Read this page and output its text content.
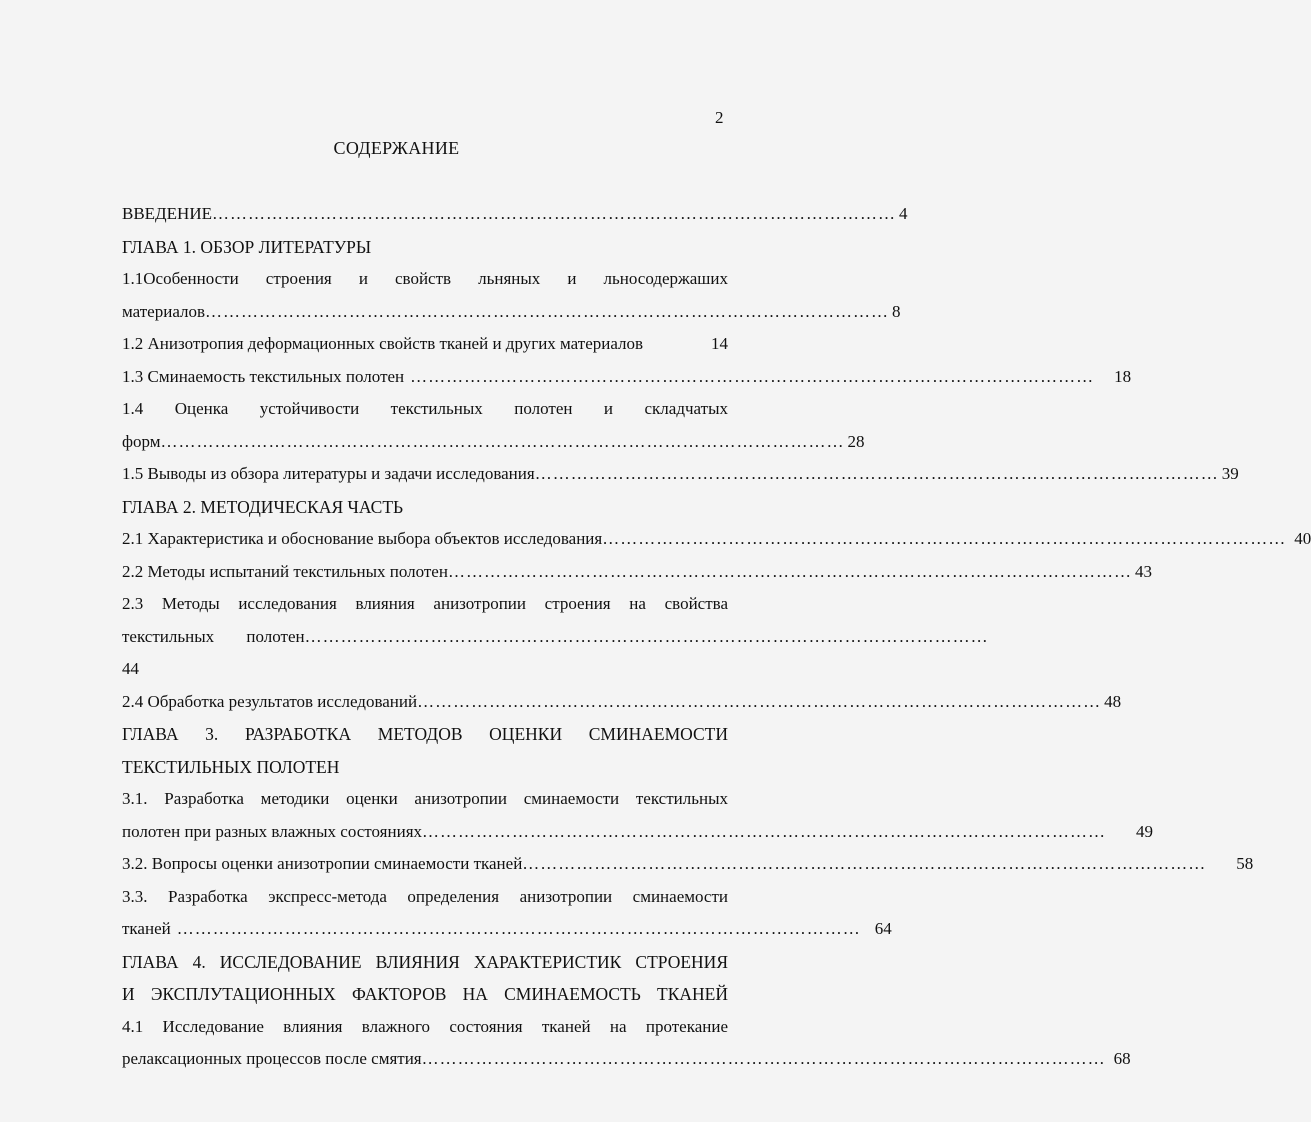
2
СОДЕРЖАНИЕ
ВВЕДЕНИЕ …………………………………………………………………………………………………… 4
ГЛАВА 1. ОБЗОР ЛИТЕРАТУРЫ
1.1Особенности строения и свойств льняных и льносодержаших
материалов …………………………………………………………………………………………………… 8
1.2 Анизотропия деформационных свойств тканей и других материалов	14
1.3 Сминаемость текстильных полотен ……………………………………………………………………………………………………	18
1.4 Оценка устойчивости текстильных полотен и складчатых
форм …………………………………………………………………………………………………… 28
1.5 Выводы из обзора литературы и задачи исследования …………………………………………………………………………………………………… 39
ГЛАВА 2. МЕТОДИЧЕСКАЯ ЧАСТЬ
2.1 Характеристика и обоснование выбора объектов исследования …………………………………………………………………………………………………… 40
2.2 Методы испытаний текстильных полотен …………………………………………………………………………………………………… 43
2.3 Методы исследования влияния анизотропии строения на свойства
текстильных полотен ……………………………………………………………………………………………………
44
2.4 Обработка результатов исследований …………………………………………………………………………………………………… 48
ГЛАВА 3. РАЗРАБОТКА МЕТОДОВ ОЦЕНКИ СМИНАЕМОСТИ
ТЕКСТИЛЬНЫХ ПОЛОТЕН
3.1. Разработка методики оценки анизотропии сминаемости текстильных
полотен при разных влажных состояниях ……………………………………………………………………………………………………	49
3.2. Вопросы оценки анизотропии сминаемости тканей ……………………………………………………………………………………………………	58
3.3. Разработка экспресс-метода определения анизотропии сминаемости
тканей …………………………………………………………………………………………………… 64
ГЛАВА 4. ИССЛЕДОВАНИЕ ВЛИЯНИЯ ХАРАКТЕРИСТИК СТРОЕНИЯ
И ЭКСПЛУТАЦИОННЫХ ФАКТОРОВ НА СМИНАЕМОСТЬ ТКАНЕЙ
4.1 Исследование влияния влажного состояния тканей на протекание
релаксационных процессов после смятия …………………………………………………………………………………………………… 68
